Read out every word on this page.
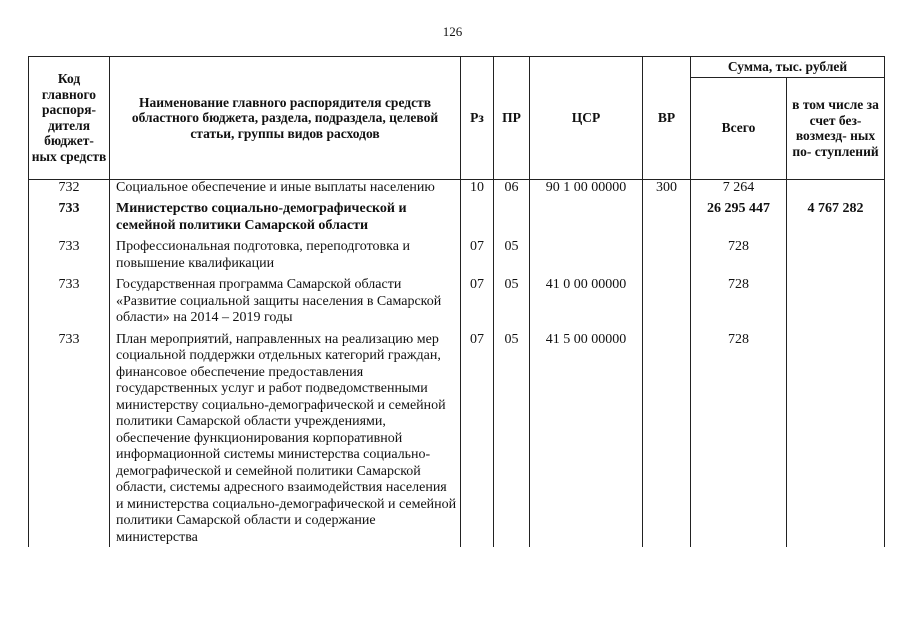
126
Код главного распоря- дителя бюджет- ных средств	Наименование главного распорядителя средств областного бюджета, раздела, подраздела, целевой статьи, группы видов расходов	Рз	ПР	ЦСР	ВР	Сумма, тыс. рублей	
						Всего	в том числе за счет без- возмезд- ных по- ступлений
732	Социальное обеспечение и иные выплаты населению	10	06	90 1 00 00000	300	7 264	
733	Министерство социально-демографической и семейной политики Самарской области					26 295 447	4 767 282
733	Профессиональная подготовка, переподготовка и повышение квалификации	07	05			728	
733	Государственная программа Самарской области «Развитие социальной защиты населения в Самарской области» на 2014 – 2019 годы	07	05	41 0 00 00000		728	
733	План мероприятий, направленных на реализацию мер социальной поддержки отдельных категорий граждан, финансовое обеспечение предоставления государственных услуг и работ подведомственными министерству социально-демографической и семейной политики Самарской области учреждениями, обеспечение функционирования корпоративной информационной системы министерства социально-демографической и семейной политики Самарской области, системы адресного взаимодействия населения и министерства социально-демографической и семейной политики Самарской области и содержание министерства	07	05	41 5 00 00000		728	
